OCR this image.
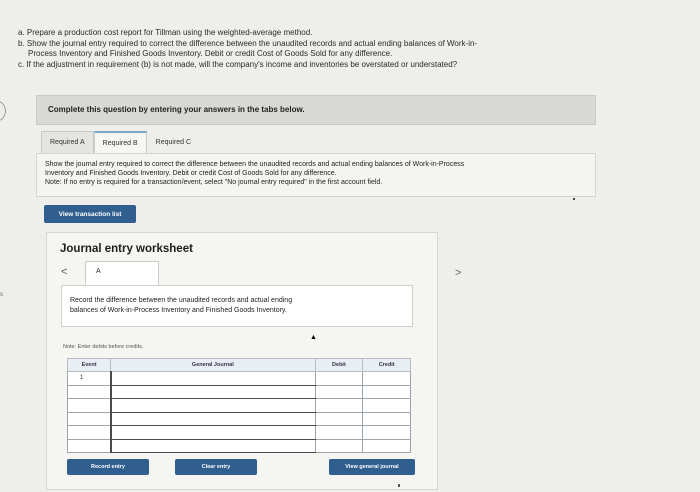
a. Prepare a production cost report for Tillman using the weighted-average method.

b. Show the journal entry required to correct the difference between the unaudited records and actual ending balances of Work-in-

Process Inventory and Finished Goods Inventory. Debit or credit Cost of Goods Sold for any difference.

c. If the adjustment in requirement (b) is not made, will the company's income and inventories be overstated or understated?

s
Complete this question by entering your answers in the tabs below.
Required A	Required B	Required C
Show the journal entry required to correct the difference between the unaudited records and actual ending balances of Work-in-Process
Inventory and Finished Goods Inventory. Debit or credit Cost of Goods Sold for any difference.
Note: If no entry is required for a transaction/event, select "No journal entry required" in the first account field.
View transaction list
Journal entry worksheet
<	A	>
Record the difference between the unaudited records and actual ending
balances of Work-in-Process Inventory and Finished Goods Inventory.
▲
Note: Enter debits before credits.
Event	General Journal	Debit	Credit
1			

Record entry	Clear entry	View general journal
